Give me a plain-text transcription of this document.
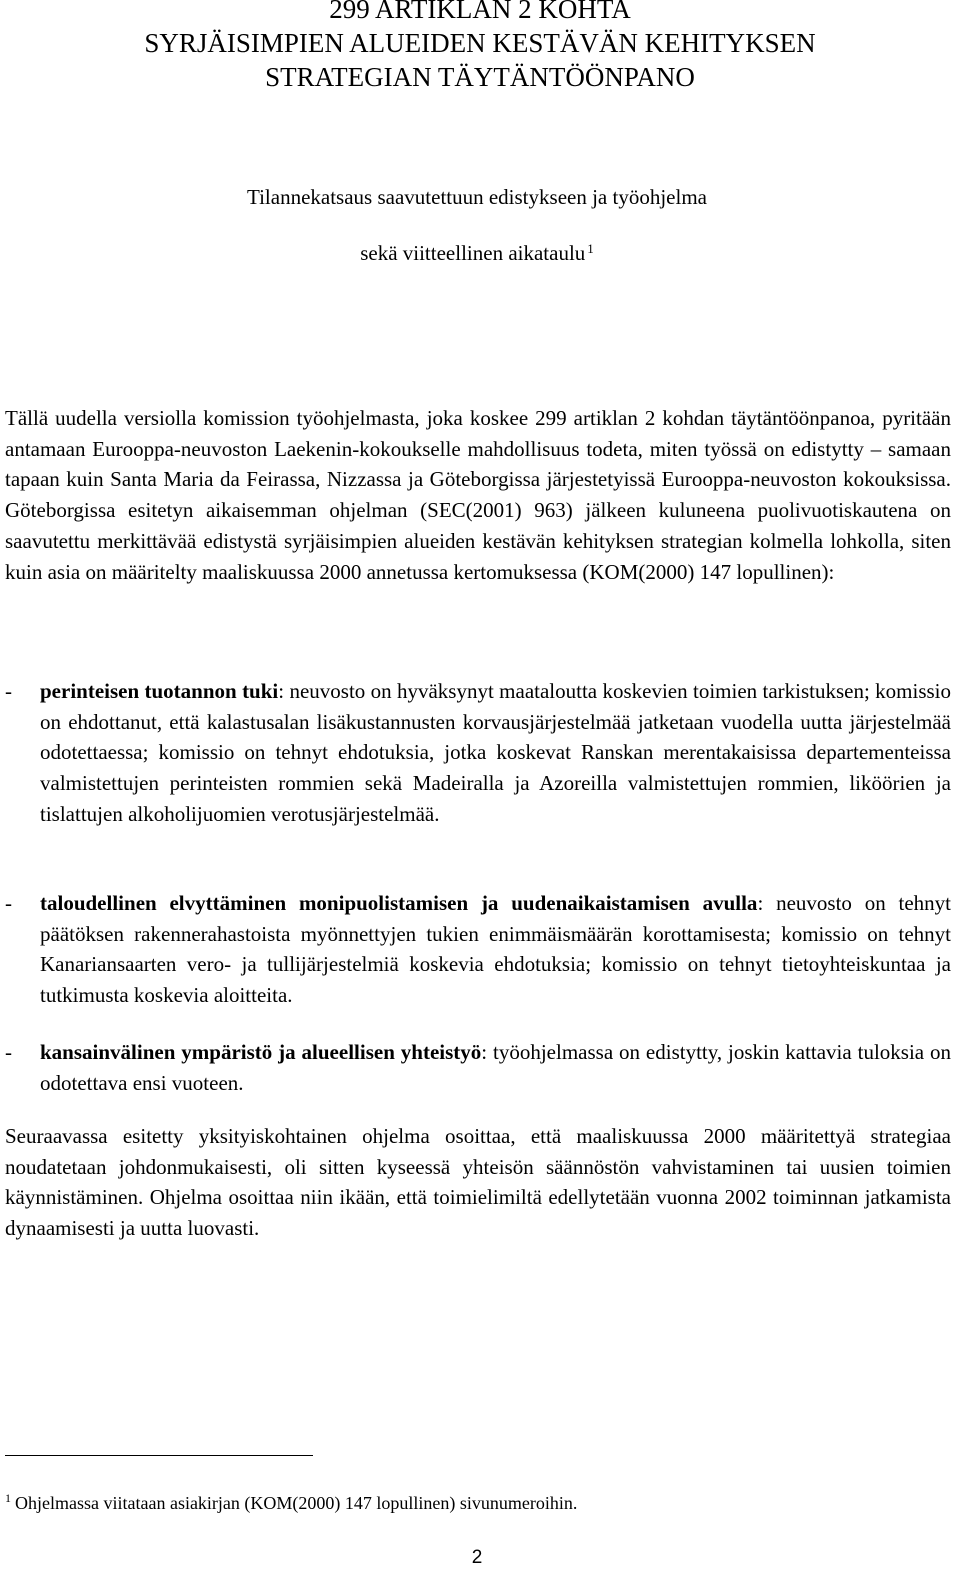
299 ARTIKLAN 2 KOHTA
SYRJÄISIMPIEN ALUEIDEN KESTÄVÄN KEHITYKSEN
STRATEGIAN TÄYTÄNTÖÖNPANO
Tilannekatsaus saavutettuun edistykseen ja työohjelma
sekä viitteellinen aikataulu $^1$

Tällä uudella versiolla komission työohjelmasta, joka koskee 299 artiklan 2 kohdan täytäntöönpanoa, pyritään antamaan Eurooppa-neuvoston Laekenin-kokoukselle mahdollisuus todeta, miten työssä on edistytty – samaan tapaan kuin Santa Maria da Feirassa, Nizzassa ja Göteborgissa järjestetyissä Eurooppa-neuvoston kokouksissa. Göteborgissa esitetyn aikaisemman ohjelman (SEC(2001) 963) jälkeen kuluneena puolivuotiskautena on saavutettu merkittävää edistystä syrjäisimpien alueiden kestävän kehityksen strategian kolmella lohkolla, siten kuin asia on määritelty maaliskuussa 2000 annetussa kertomuksessa (KOM(2000) 147 lopullinen):

- perinteisen tuotannon tuki: neuvosto on hyväksynyt maataloutta koskevien toimien tarkistuksen; komissio on ehdottanut, että kalastusalan lisäkustannusten korvausjärjestelmää jatketaan vuodella uutta järjestelmää odotettaessa; komissio on tehnyt ehdotuksia, jotka koskevat Ranskan merentakaisissa departementeissa valmistettujen perinteisten rommien sekä Madeiralla ja Azoreilla valmistettujen rommien, liköörien ja tislattujen alkoholijuomien verotusjärjestelmää.
- taloudellinen elvyttäminen monipuolistamisen ja uudenaikaistamisen avulla: neuvosto on tehnyt päätöksen rakennerahastoista myönnettyjen tukien enimmäismäärän korottamisesta; komissio on tehnyt Kanariansaarten vero- ja tullijärjestelmiä koskevia ehdotuksia; komissio on tehnyt tietoyhteiskuntaa ja tutkimusta koskevia aloitteita.
- kansainvälinen ympäristö ja alueellisen yhteistyö: työohjelmassa on edistytty, joskin kattavia tuloksia on odotettava ensi vuoteen.

Seuraavassa esitetty yksityiskohtainen ohjelma osoittaa, että maaliskuussa 2000 määritettyä strategiaa noudatetaan johdonmukaisesti, oli sitten kyseessä yhteisön säännöstön vahvistaminen tai uusien toimien käynnistäminen. Ohjelma osoittaa niin ikään, että toimielimiltä edellytetään vuonna 2002 toiminnan jatkamista dynaamisesti ja uutta luovasti.

$^1$ Ohjelmassa viitataan asiakirjan (KOM(2000) 147 lopullinen) sivunumeroihin.
2
